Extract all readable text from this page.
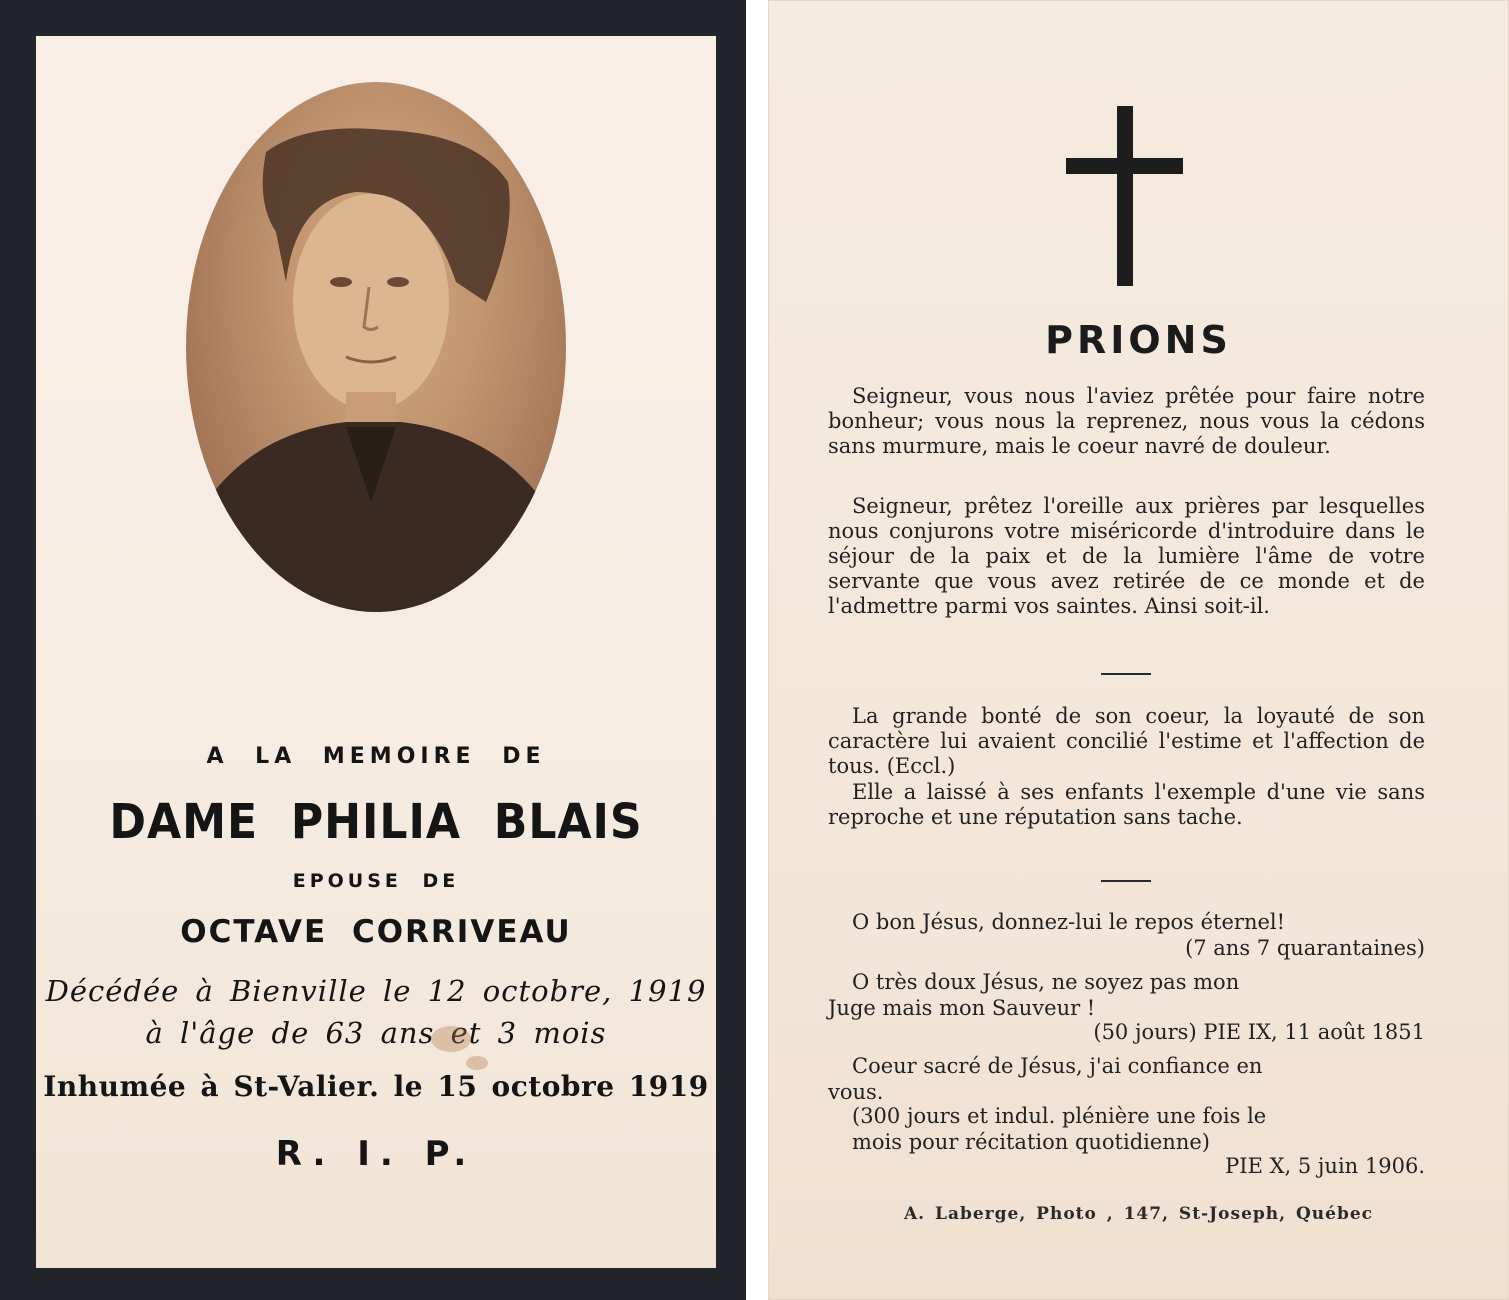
A LA MEMOIRE DE

DAME PHILIA BLAIS

EPOUSE DE

OCTAVE CORRIVEAU

Décédée à Bienville le 12 octobre, 1919

à l'âge de 63 ans et 3 mois

Inhumée à St-Valier. le 15 octobre 1919

R. I. P.

PRIONS

Seigneur, vous nous l'aviez prêtée pour faire notre bonheur; vous nous la reprenez, nous vous la cédons sans murmure, mais le coeur navré de douleur.

Seigneur, prêtez l'oreille aux prières par lesquelles nous conjurons votre miséricorde d'introduire dans le séjour de la paix et de la lumière l'âme de votre servante que vous avez retirée de ce monde et de l'admettre parmi vos saintes. Ainsi soit-il.

La grande bonté de son coeur, la loyauté de son caractère lui avaient concilié l'estime et l'affection de tous. (Eccl.)

Elle a laissé à ses enfants l'exemple d'une vie sans reproche et une réputation sans tache.

O bon Jésus, donnez-lui le repos éternel!

(7 ans 7 quarantaines)

O très doux Jésus, ne soyez pas mon

Juge mais mon Sauveur !

(50 jours) PIE IX, 11 août 1851

Coeur sacré de Jésus, j'ai confiance en

vous.

(300 jours et indul. plénière une fois le

mois pour récitation quotidienne)

PIE X, 5 juin 1906.

A. Laberge, Photo , 147, St-Joseph, Québec
